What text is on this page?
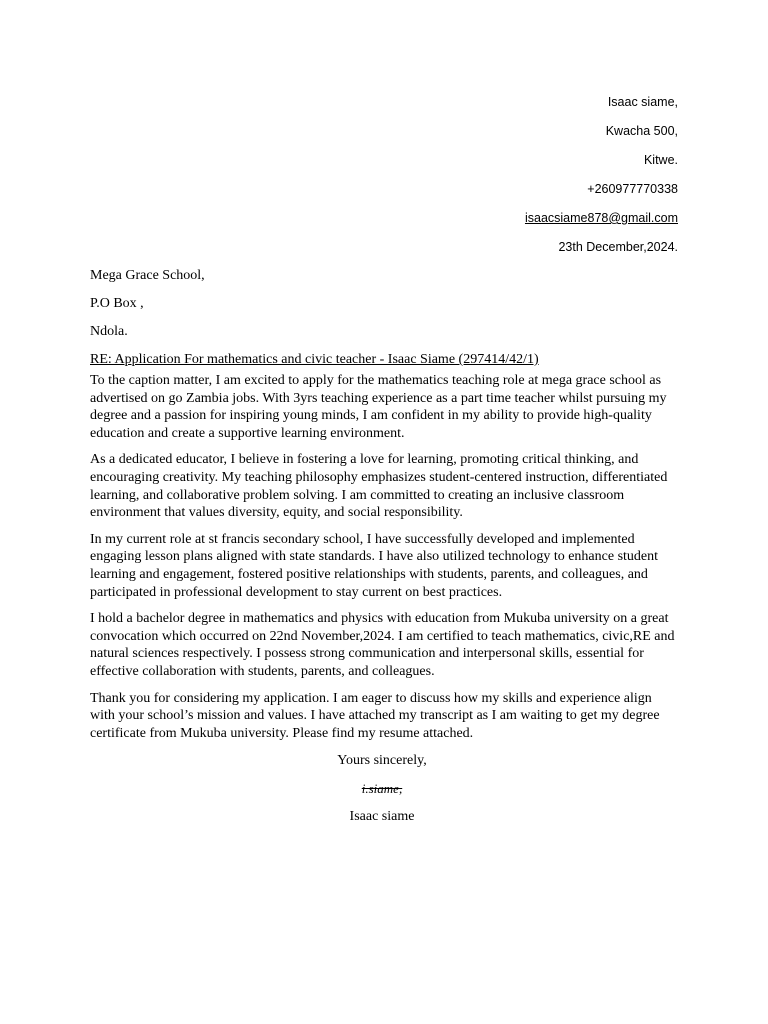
Isaac siame,
Kwacha 500,
Kitwe.
+260977770338
isaacsiame878@gmail.com
23th December,2024.
Mega Grace School,
P.O Box ,
Ndola.
RE: Application For mathematics and civic teacher - Isaac Siame (297414/42/1)

To the caption matter, I am excited to apply for the mathematics teaching role at mega grace school as advertised on go Zambia jobs. With 3yrs teaching experience as a part time teacher whilst pursuing my degree and a passion for inspiring young minds, I am confident in my ability to provide high-quality education and create a supportive learning environment.

As a dedicated educator, I believe in fostering a love for learning, promoting critical thinking, and encouraging creativity. My teaching philosophy emphasizes student-centered instruction, differentiated learning, and collaborative problem solving. I am committed to creating an inclusive classroom environment that values diversity, equity, and social responsibility.

In my current role at st francis secondary school, I have successfully developed and implemented engaging lesson plans aligned with state standards. I have also utilized technology to enhance student learning and engagement, fostered positive relationships with students, parents, and colleagues, and participated in professional development to stay current on best practices.

I hold a bachelor degree in mathematics and physics with education from Mukuba university on a great convocation which occurred on 22nd November,2024. I am certified to teach mathematics, civic,RE and natural sciences respectively. I possess strong communication and interpersonal skills, essential for effective collaboration with students, parents, and colleagues.

Thank you for considering my application. I am eager to discuss how my skills and experience align with your school’s mission and values. I have attached my transcript as I am waiting to get my degree certificate from Mukuba university. Please find my resume attached.

Yours sincerely,
i.siame,
Isaac siame
